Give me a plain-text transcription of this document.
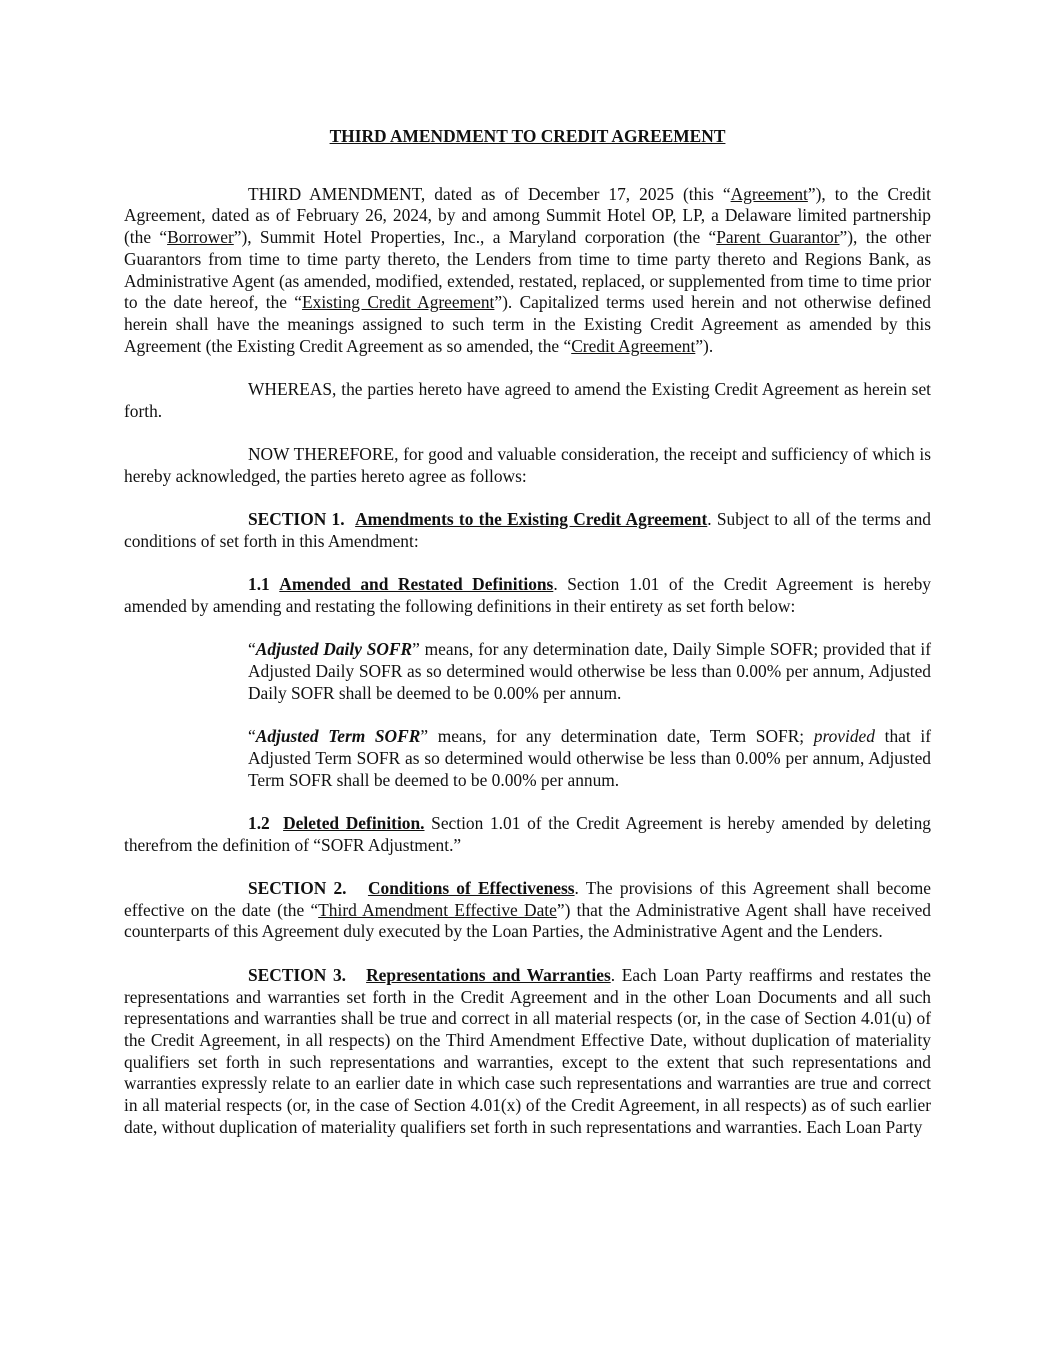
THIRD AMENDMENT TO CREDIT AGREEMENT

THIRD AMENDMENT, dated as of December 17, 2025 (this “Agreement”), to the Credit Agreement, dated as of February 26, 2024, by and among Summit Hotel OP, LP, a Delaware limited partnership (the “Borrower”), Summit Hotel Properties, Inc., a Maryland corporation (the “Parent Guarantor”), the other Guarantors from time to time party thereto, the Lenders from time to time party thereto and Regions Bank, as Administrative Agent (as amended, modified, extended, restated, replaced, or supplemented from time to time prior to the date hereof, the “Existing Credit Agreement”). Capitalized terms used herein and not otherwise defined herein shall have the meanings assigned to such term in the Existing Credit Agreement as amended by this Agreement (the Existing Credit Agreement as so amended, the “Credit Agreement”).

WHEREAS, the parties hereto have agreed to amend the Existing Credit Agreement as herein set forth.

NOW THEREFORE, for good and valuable consideration, the receipt and sufficiency of which is hereby acknowledged, the parties hereto agree as follows:

SECTION 1. Amendments to the Existing Credit Agreement. Subject to all of the terms and conditions of set forth in this Amendment:

1.1 Amended and Restated Definitions. Section 1.01 of the Credit Agreement is hereby amended by amending and restating the following definitions in their entirety as set forth below:

“Adjusted Daily SOFR” means, for any determination date, Daily Simple SOFR; provided that if Adjusted Daily SOFR as so determined would otherwise be less than 0.00% per annum, Adjusted Daily SOFR shall be deemed to be 0.00% per annum.

“Adjusted Term SOFR” means, for any determination date, Term SOFR; provided that if Adjusted Term SOFR as so determined would otherwise be less than 0.00% per annum, Adjusted Term SOFR shall be deemed to be 0.00% per annum.

1.2 Deleted Definition. Section 1.01 of the Credit Agreement is hereby amended by deleting therefrom the definition of “SOFR Adjustment.”

SECTION 2. Conditions of Effectiveness. The provisions of this Agreement shall become effective on the date (the “Third Amendment Effective Date”) that the Administrative Agent shall have received counterparts of this Agreement duly executed by the Loan Parties, the Administrative Agent and the Lenders.

SECTION 3. Representations and Warranties. Each Loan Party reaffirms and restates the representations and warranties set forth in the Credit Agreement and in the other Loan Documents and all such representations and warranties shall be true and correct in all material respects (or, in the case of Section 4.01(u) of the Credit Agreement, in all respects) on the Third Amendment Effective Date, without duplication of materiality qualifiers set forth in such representations and warranties, except to the extent that such representations and warranties expressly relate to an earlier date in which case such representations and warranties are true and correct in all material respects (or, in the case of Section 4.01(x) of the Credit Agreement, in all respects) as of such earlier date, without duplication of materiality qualifiers set forth in such representations and warranties. Each Loan Party
